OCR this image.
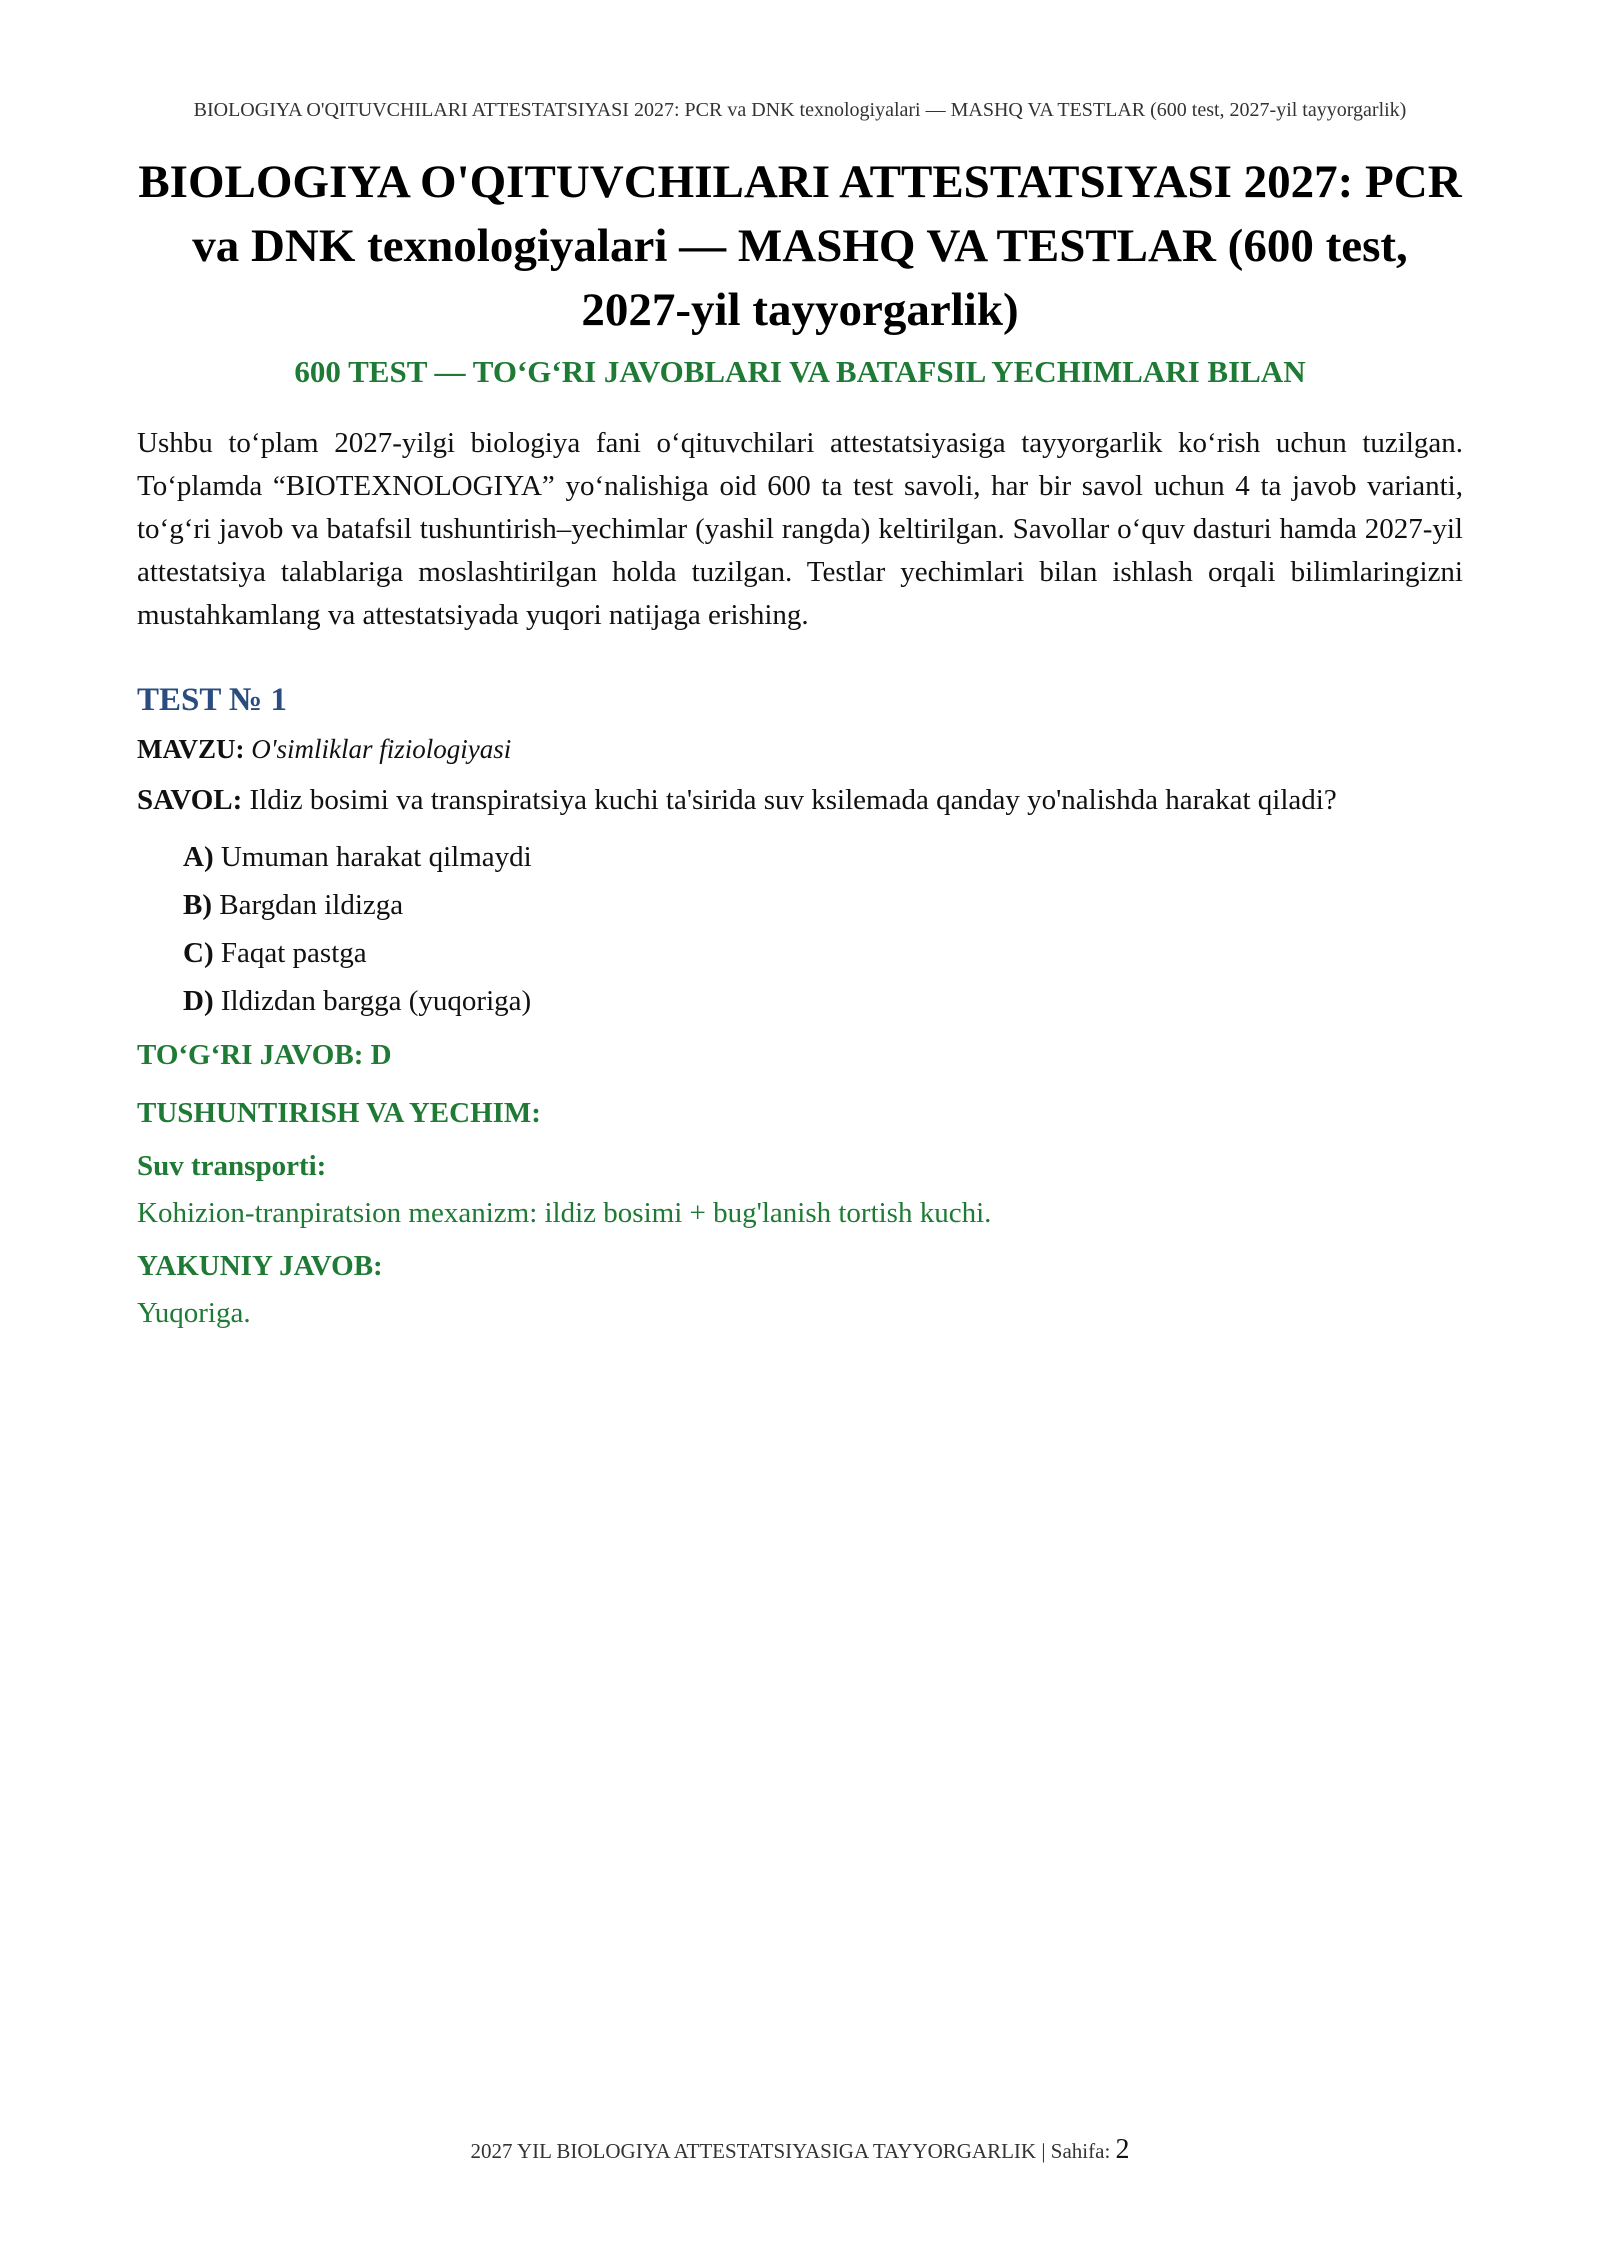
BIOLOGIYA O'QITUVCHILARI ATTESTATSIYASI 2027: PCR va DNK texnologiyalari — MASHQ VA TESTLAR (600 test, 2027-yil tayyorgarlik)
BIOLOGIYA O'QITUVCHILARI ATTESTATSIYASI 2027: PCR va DNK texnologiyalari — MASHQ VA TESTLAR (600 test, 2027-yil tayyorgarlik)
600 TEST — TO‘G‘RI JAVOBLARI VA BATAFSIL YECHIMLARI BILAN

Ushbu to‘plam 2027-yilgi biologiya fani o‘qituvchilari attestatsiyasiga tayyorgarlik ko‘rish uchun tuzilgan. To‘plamda “BIOTEXNOLOGIYA” yo‘nalishiga oid 600 ta test savoli, har bir savol uchun 4 ta javob varianti, to‘g‘ri javob va batafsil tushuntirish–yechimlar (yashil rangda) keltirilgan. Savollar o‘quv dasturi hamda 2027-yil attestatsiya talablariga moslashtirilgan holda tuzilgan. Testlar yechimlari bilan ishlash orqali bilimlaringizni mustahkamlang va attestatsiyada yuqori natijaga erishing.

TEST № 1
MAVZU: O'simliklar fiziologiyasi
SAVOL: Ildiz bosimi va transpiratsiya kuchi ta'sirida suv ksilemada qanday yo'nalishda harakat qiladi?
A) Umuman harakat qilmaydi
B) Bargdan ildizga
C) Faqat pastga
D) Ildizdan bargga (yuqoriga)
TO‘G‘RI JAVOB: D
TUSHUNTIRISH VA YECHIM:
Suv transporti:
Kohizion-tranpiratsion mexanizm: ildiz bosimi + bug'lanish tortish kuchi.
YAKUNIY JAVOB:
Yuqoriga.
2027 YIL BIOLOGIYA ATTESTATSIYASIGA TAYYORGARLIK | Sahifa: 2
